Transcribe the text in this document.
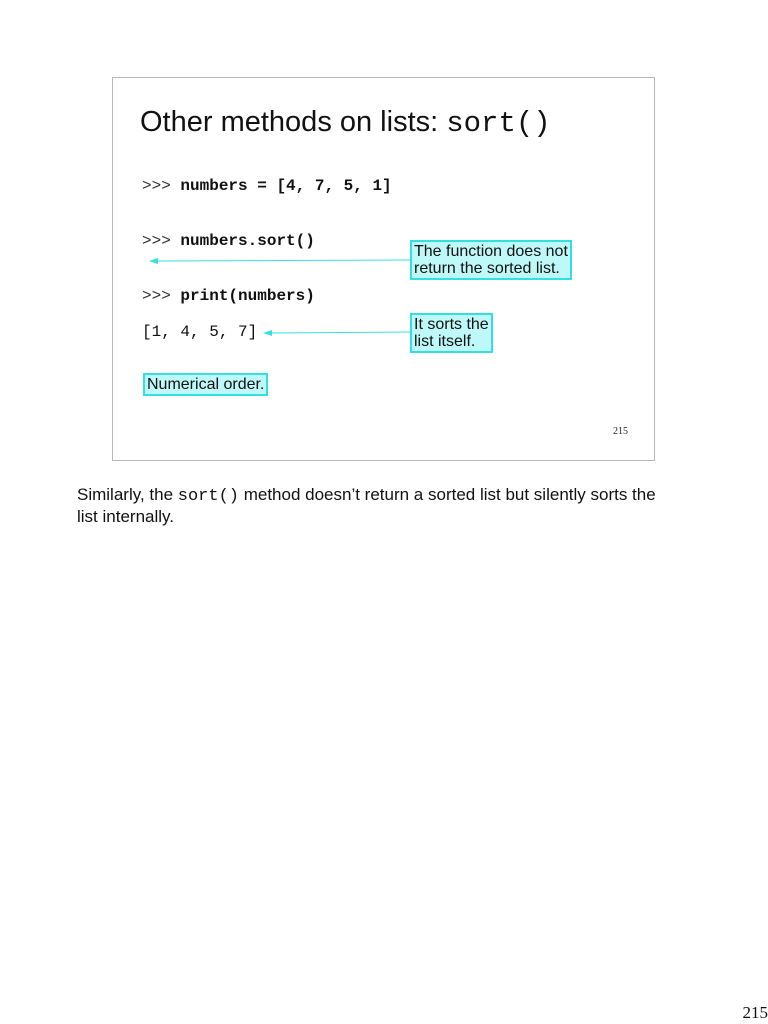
Other methods on lists: sort()
>>> numbers = [4, 7, 5, 1]
>>> numbers.sort()
>>> print(numbers)
[1, 4, 5, 7]
The function does not
return the sorted list.
It sorts the
list itself.
Numerical order.
215
Similarly, the sort() method doesn’t return a sorted list but silently sorts the list internally.
215
